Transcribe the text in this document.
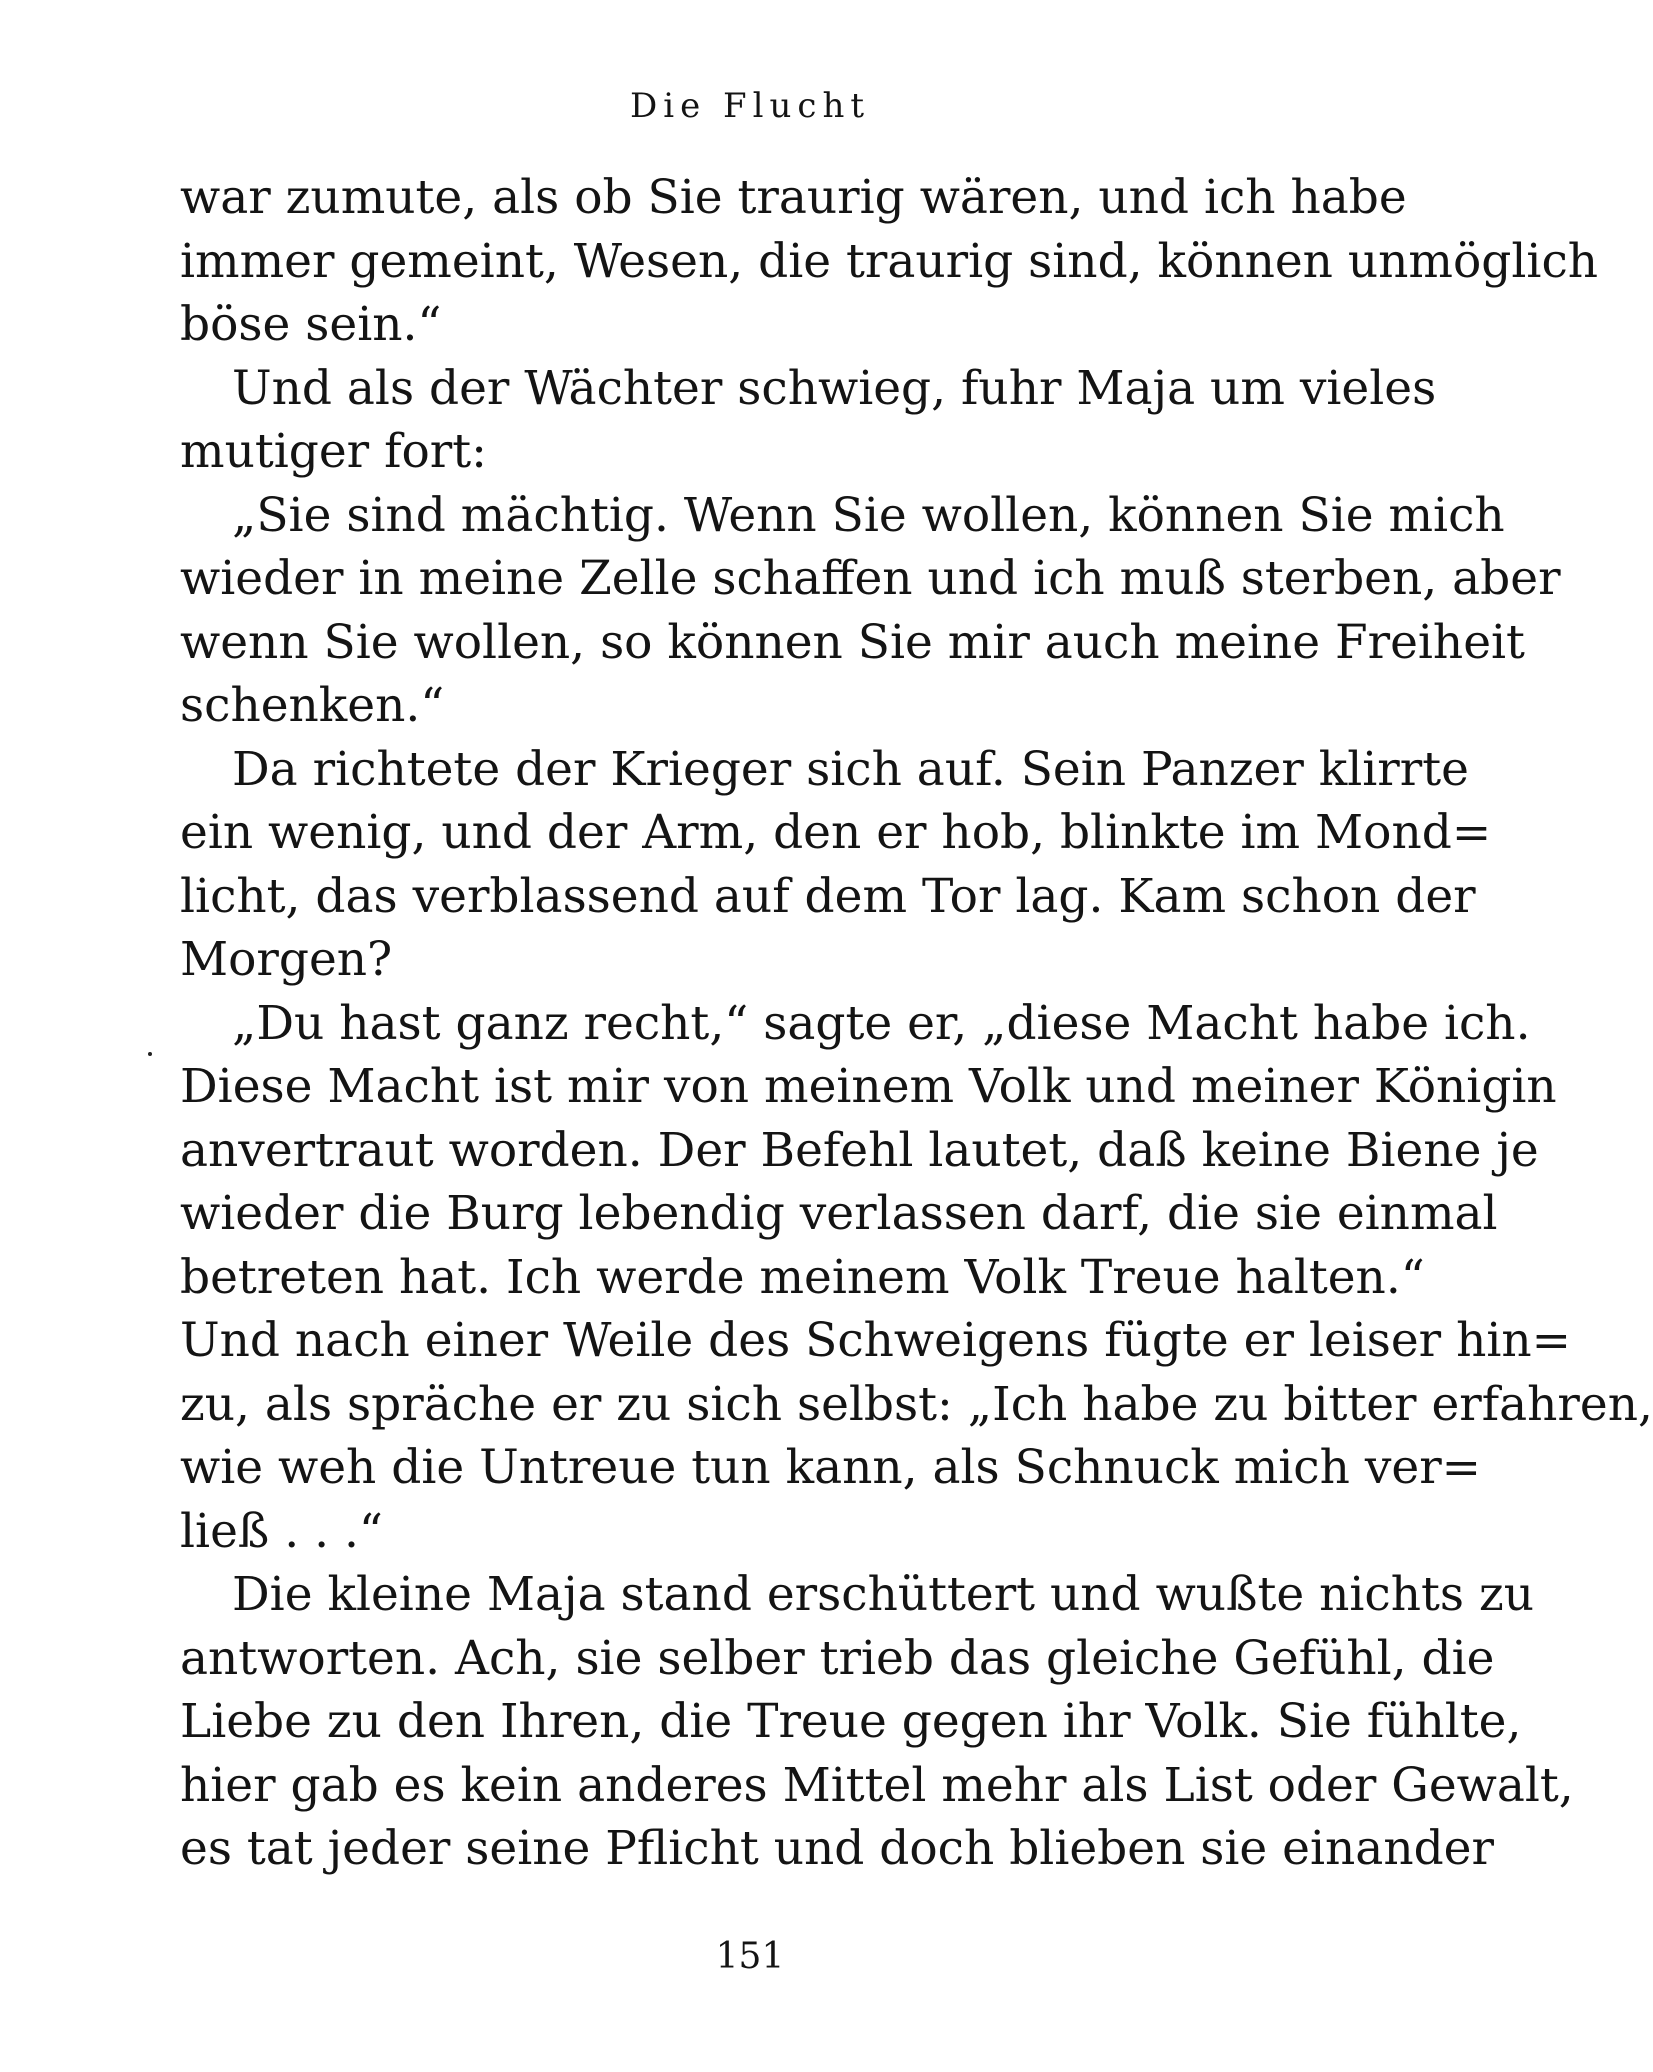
Die Flucht
war zumute, als ob Sie traurig wären, und ich habe
immer gemeint, Wesen, die traurig sind, können unmöglich
böse sein.“
Und als der Wächter schwieg, fuhr Maja um vieles
mutiger fort:
„Sie sind mächtig. Wenn Sie wollen, können Sie mich
wieder in meine Zelle schaffen und ich muß sterben, aber
wenn Sie wollen, so können Sie mir auch meine Freiheit
schenken.“
Da richtete der Krieger sich auf. Sein Panzer klirrte
ein wenig, und der Arm, den er hob, blinkte im Mond=
licht, das verblassend auf dem Tor lag. Kam schon der
Morgen?
„Du hast ganz recht,“ sagte er, „diese Macht habe ich.
Diese Macht ist mir von meinem Volk und meiner Königin
anvertraut worden. Der Befehl lautet, daß keine Biene je
wieder die Burg lebendig verlassen darf, die sie einmal
betreten hat. Ich werde meinem Volk Treue halten.“
Und nach einer Weile des Schweigens fügte er leiser hin=
zu, als spräche er zu sich selbst: „Ich habe zu bitter erfahren,
wie weh die Untreue tun kann, als Schnuck mich ver=
ließ . . .“
Die kleine Maja stand erschüttert und wußte nichts zu
antworten. Ach, sie selber trieb das gleiche Gefühl, die
Liebe zu den Ihren, die Treue gegen ihr Volk. Sie fühlte,
hier gab es kein anderes Mittel mehr als List oder Gewalt,
es tat jeder seine Pflicht und doch blieben sie einander
151
